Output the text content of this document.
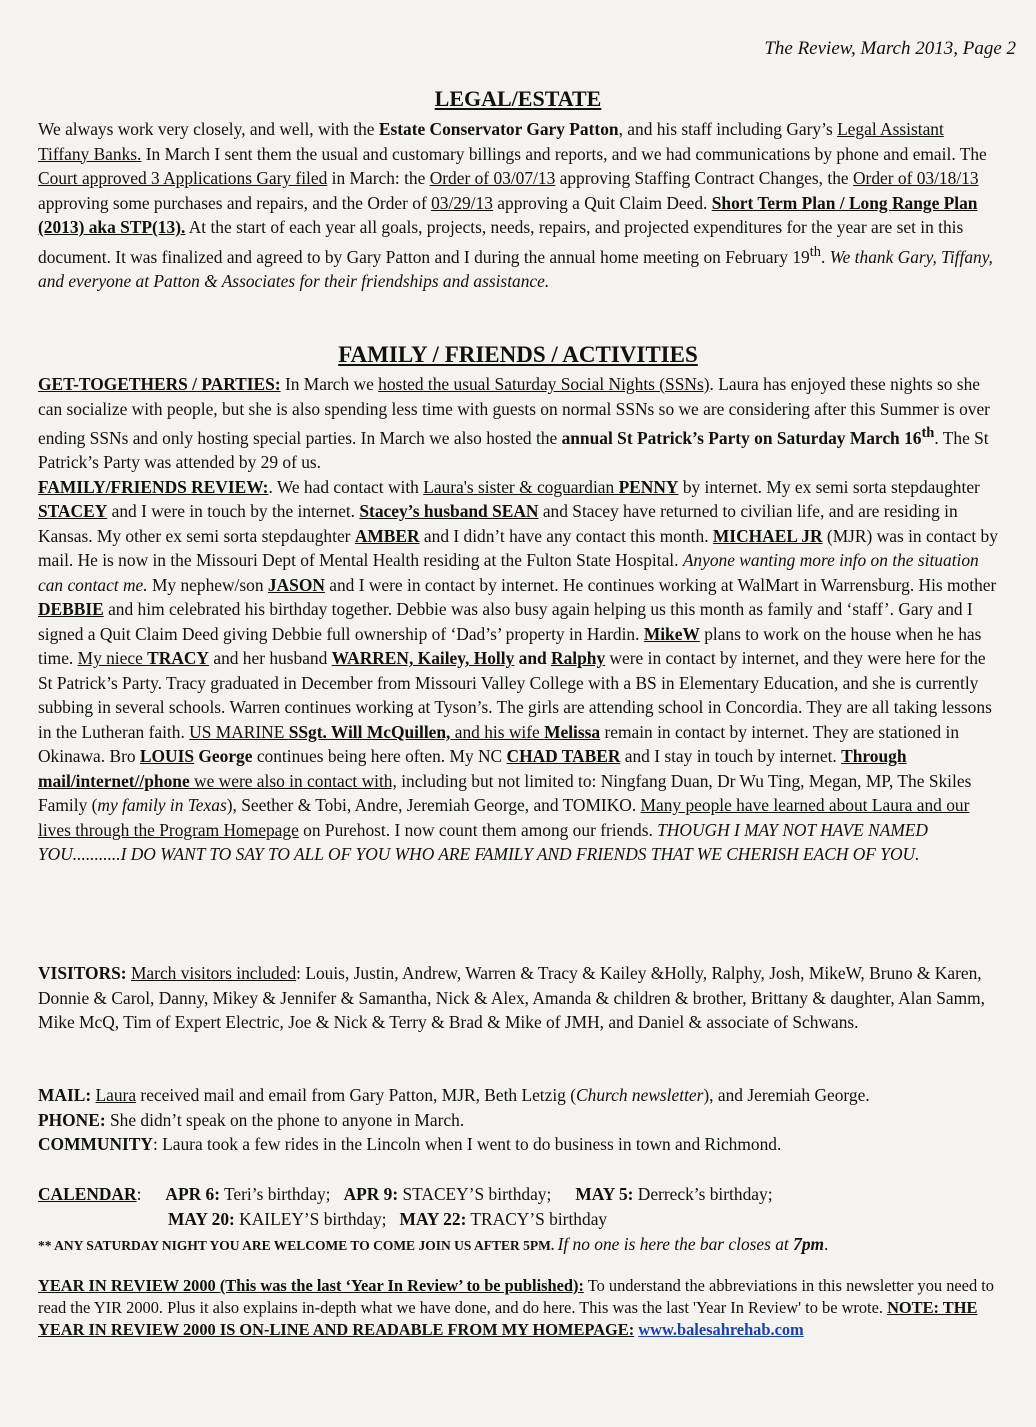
The Review, March 2013, Page 2
LEGAL/ESTATE

We always work very closely, and well, with the Estate Conservator Gary Patton, and his staff including Gary’s Legal Assistant Tiffany Banks. In March I sent them the usual and customary billings and reports, and we had communications by phone and email. The Court approved 3 Applications Gary filed in March: the Order of 03/07/13 approving Staffing Contract Changes, the Order of 03/18/13 approving some purchases and repairs, and the Order of 03/29/13 approving a Quit Claim Deed. Short Term Plan / Long Range Plan (2013) aka STP(13). At the start of each year all goals, projects, needs, repairs, and projected expenditures for the year are set in this document. It was finalized and agreed to by Gary Patton and I during the annual home meeting on February 19th. We thank Gary, Tiffany, and everyone at Patton & Associates for their friendships and assistance.

FAMILY / FRIENDS / ACTIVITIES

GET-TOGETHERS / PARTIES: In March we hosted the usual Saturday Social Nights (SSNs). Laura has enjoyed these nights so she can socialize with people, but she is also spending less time with guests on normal SSNs so we are considering after this Summer is over ending SSNs and only hosting special parties. In March we also hosted the annual St Patrick’s Party on Saturday March 16th. The St Patrick’s Party was attended by 29 of us.
FAMILY/FRIENDS REVIEW:. We had contact with Laura's sister & coguardian PENNY by internet. My ex semi sorta stepdaughter STACEY and I were in touch by the internet. Stacey’s husband SEAN and Stacey have returned to civilian life, and are residing in Kansas. My other ex semi sorta stepdaughter AMBER and I didn’t have any contact this month. MICHAEL JR (MJR) was in contact by mail. He is now in the Missouri Dept of Mental Health residing at the Fulton State Hospital. Anyone wanting more info on the situation can contact me. My nephew/son JASON and I were in contact by internet. He continues working at WalMart in Warrensburg. His mother DEBBIE and him celebrated his birthday together. Debbie was also busy again helping us this month as family and ‘staff’. Gary and I signed a Quit Claim Deed giving Debbie full ownership of ‘Dad’s’ property in Hardin. MikeW plans to work on the house when he has time. My niece TRACY and her husband WARREN, Kailey, Holly and Ralphy were in contact by internet, and they were here for the St Patrick’s Party. Tracy graduated in December from Missouri Valley College with a BS in Elementary Education, and she is currently subbing in several schools. Warren continues working at Tyson’s. The girls are attending school in Concordia. They are all taking lessons in the Lutheran faith. US MARINE SSgt. Will McQuillen, and his wife Melissa remain in contact by internet. They are stationed in Okinawa. Bro LOUIS George continues being here often. My NC CHAD TABER and I stay in touch by internet. Through mail/internet//phone we were also in contact with, including but not limited to: Ningfang Duan, Dr Wu Ting, Megan, MP, The Skiles Family (my family in Texas), Seether & Tobi, Andre, Jeremiah George, and TOMIKO. Many people have learned about Laura and our lives through the Program Homepage on Purehost. I now count them among our friends. THOUGH I MAY NOT HAVE NAMED YOU...........I DO WANT TO SAY TO ALL OF YOU WHO ARE FAMILY AND FRIENDS THAT WE CHERISH EACH OF YOU.

VISITORS: March visitors included: Louis, Justin, Andrew, Warren & Tracy & Kailey &Holly, Ralphy, Josh, MikeW, Bruno & Karen, Donnie & Carol, Danny, Mikey & Jennifer & Samantha, Nick & Alex, Amanda & children & brother, Brittany & daughter, Alan Samm, Mike McQ, Tim of Expert Electric, Joe & Nick & Terry & Brad & Mike of JMH, and Daniel & associate of Schwans.

MAIL: Laura received mail and email from Gary Patton, MJR, Beth Letzig (Church newsletter), and Jeremiah George.
PHONE: She didn’t speak on the phone to anyone in March.
COMMUNITY: Laura took a few rides in the Lincoln when I went to do business in town and Richmond.

CALENDAR: APR 6: Teri’s birthday; APR 9: STACEY’S birthday; MAY 5: Derreck’s birthday;
MAY 20: KAILEY’S birthday; MAY 22: TRACY’S birthday

** ANY SATURDAY NIGHT YOU ARE WELCOME TO COME JOIN US AFTER 5PM. If no one is here the bar closes at 7pm.

YEAR IN REVIEW 2000 (This was the last ‘Year In Review’ to be published): To understand the abbreviations in this newsletter you need to read the YIR 2000. Plus it also explains in-depth what we have done, and do here. This was the last 'Year In Review' to be wrote. NOTE: THE YEAR IN REVIEW 2000 IS ON-LINE AND READABLE FROM MY HOMEPAGE: www.balesahrehab.com
